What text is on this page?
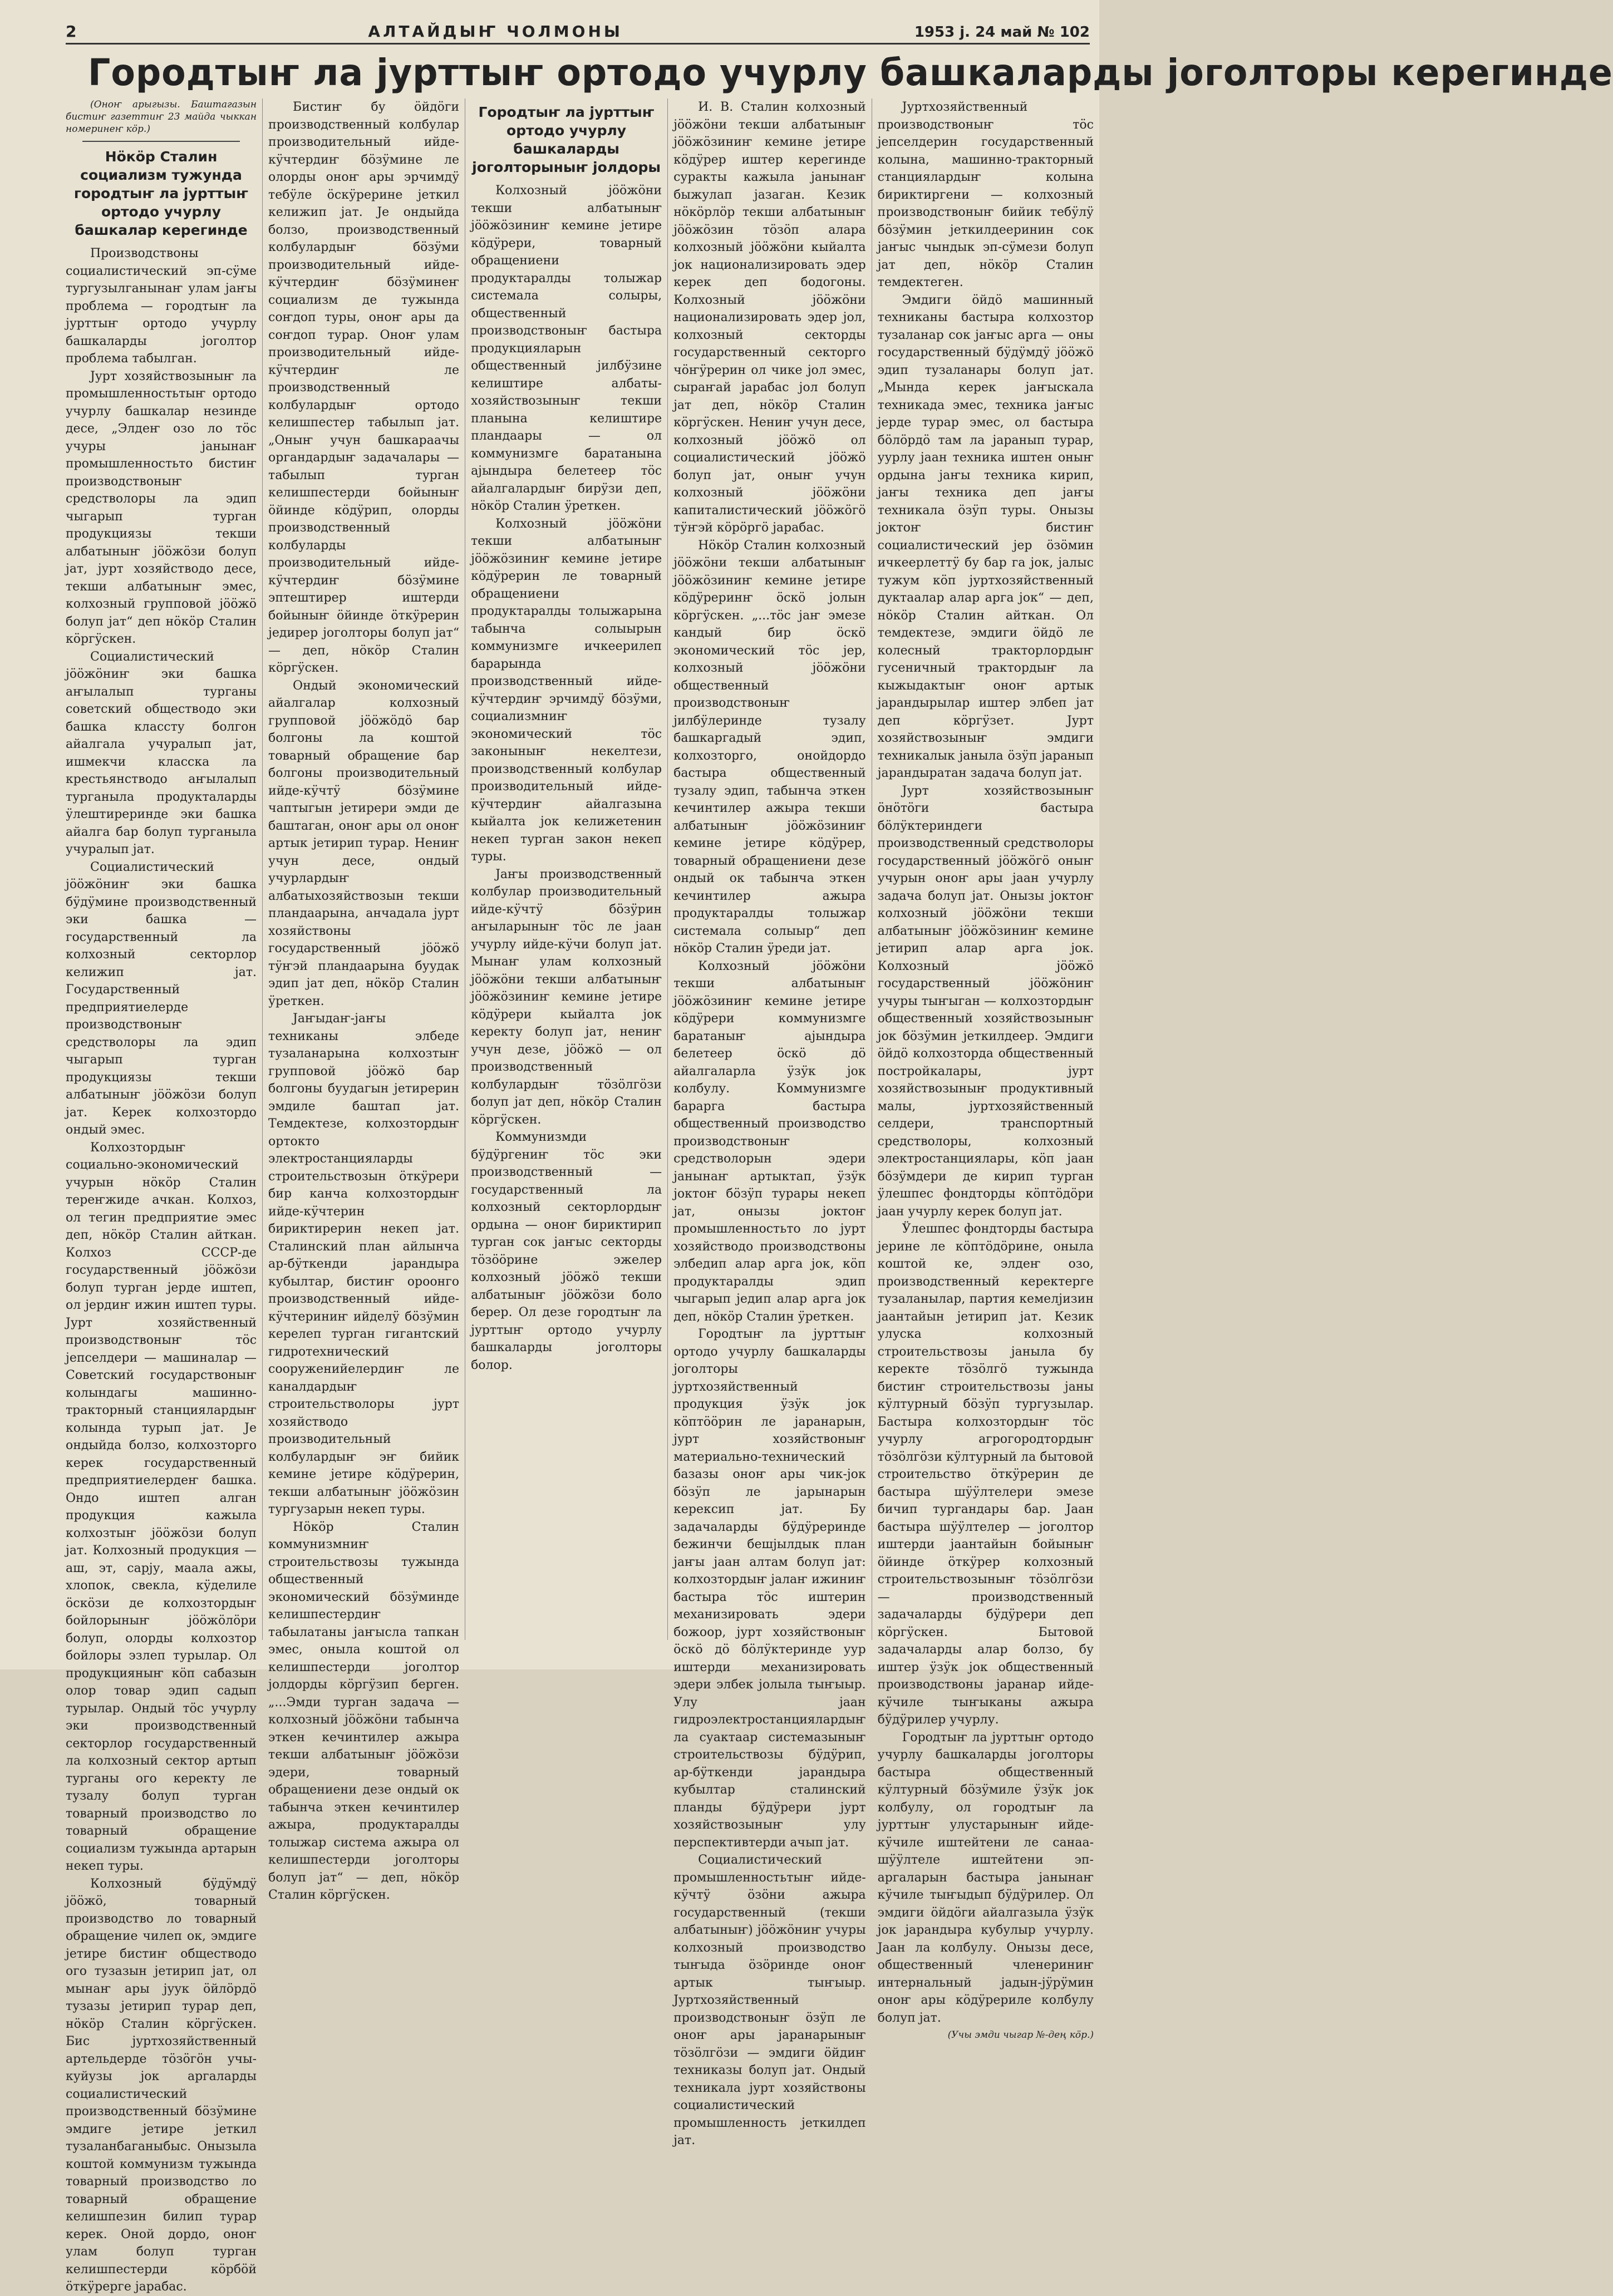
2	АЛТАЙДЫҤ ЧОЛМОНЫ	1953 j. 24 май № 102
Городтыҥ ла jурттыҥ ортодо учурлу башкаларды jоголторы керегинде

(Оноҥ арыгызы. Баштагазын бистиҥ газеттиҥ 23 майда чыккан номеринеҥ кӧр.)

Нӧкӧр Сталин социализм тужунда городтыҥ ла jурттыҥ ортодо учурлу башкалар керегинде

Производствоны социалистический эп-сӱме тургузылганынаҥ улам jаҥы проблема — городтыҥ ла jурттыҥ ортодо учурлу башкаларды jоголтор проблема табылган.

Jурт хозяйствозыныҥ ла промышленностьтыҥ ортодо учурлу башкалар незинде десе, „Элдеҥ озо ло тӧс учуры jанынаҥ промышленностьто бистиҥ производствоныҥ средстволоры ла эдип чыгарып турган продукциязы текши албатыныҥ jӧӧжӧзи болуп jат, jурт хозяйстводо десе, текши албатыныҥ эмес, колхозный групповой jӧӧжӧ болуп jат“ деп нӧкӧр Сталин кӧргӱскен.

Социалистический jӧӧжӧниҥ эки башка аҥылалып турганы советский обществодо эки башка классту болгон айалгала учуралып jат, ишмекчи класска ла крестьянстводо аҥылалып турганыла продукталарды ӱлештиреринде эки башка айалга бар болуп турганыла учуралып jат.

Социалистический jӧӧжӧниҥ эки башка бӱдӱмине производственный эки башка — государственный ла колхозный секторлор келижип jат. Государственный предприятиелерде производствоныҥ средстволоры ла эдип чыгарып турган продукциязы текши албатыныҥ jӧӧжӧзи болуп jат. Керек колхозтордо ондый эмес.

Колхозтордыҥ социально-экономический учурын нӧкӧр Сталин тереҥжиде ачкан. Колхоз, ол тегин предприятие эмес деп, нӧкӧр Сталин айткан. Колхоз СССР-де государственный jӧӧжӧзи болуп турган jерде иштеп, ол jердиҥ ижин иштеп туры. Jурт хозяйственный производствоныҥ тӧс jепселдери — машиналар — Советский государствоныҥ колындагы машинно-тракторный станциялардыҥ колында турып jат. Jе ондыйда болзо, колхозторго керек государственный предприятиелердеҥ башка. Ондо иштеп алган продукция кажыла колхозтыҥ jӧӧжӧзи болуп jат. Колхозный продукция — аш, эт, сарjу, маала ажы, хлопок, свекла, кӱделиле ӧскӧзи де колхозтордыҥ бойлорыныҥ jӧӧжӧлӧри болуп, олорды колхозтор бойлоры эзлеп турылар. Ол продукцияныҥ кӧп сабазын олор товар эдип садып турылар. Ондый тӧс учурлу эки производственный секторлор государственный ла колхозный сектор артып турганы ого керекту ле тузалу болуп турган товарный производство ло товарный обращение социализм тужында артарын некеп туры.

Колхозный бӱдӱмдӱ jӧӧжӧ, товарный производство ло товарный обращение чилеп ок, эмдиге jетире бистиҥ обществодо ого тузазын jетирип jат, ол мынаҥ ары јуук ӧйлӧрдӧ тузазы jетирип турар деп, нӧкӧр Сталин кӧргӱскен. Бис jуртхозяйственный артельдерде тӧзӧгӧн учы-куйузы jок аргаларды социалистический производственный бӧзӱмине эмдиге jетире jеткил тузаланбаганыбыс. Онызыла коштой коммунизм тужында товарный производство ло товарный обращение келишпезин билип турар керек. Оной дордо, оноҥ улам болуп турган келишпестерди кӧрбӧй ӧткӱрерге jарабас.

Бистиҥ бу ӧйдӧги производственный колбулар производительный ийде-кӱчтердиҥ бӧзӱмине ле олорды оноҥ ары эрчимдӱ тебӱле ӧскӱрерине jеткил келижип jат. Jе ондыйда болзо, производственный колбулардыҥ бӧзӱми производительный ийде-кӱчтердиҥ бӧзӱминеҥ социализм де тужында соҥдоп туры, оноҥ ары да соҥдоп турар. Оноҥ улам производительный ийде-кӱчтердиҥ ле производственный колбулардыҥ ортодо келишпестер табылып jат. „Оныҥ учун башкараачы органдардыҥ задачалары — табылып турган келишпестерди бойыныҥ ӧйинде кӧдӱрип, олорды производственный колбуларды производительный ийде-кӱчтердиҥ бӧзӱмине эптештирер иштерди бойыныҥ ӧйинде ӧткӱрерин jедирер jоголторы болуп jат“ — деп, нӧкӧр Сталин кӧргӱскен.

Ондый экономический айалгалар колхозный групповой jӧӧжӧдӧ бар болгоны ла коштой товарный обращение бар болгоны производительный ийде-кӱчтӱ бӧзӱмине чаптыгын jетирери эмди де баштаган, оноҥ ары ол оноҥ артык jетирип турар. Нениҥ учун десе, ондый учурлардыҥ албатыхозяйствозын текши пландаарына, анчадала jурт хозяйствоны государственный jӧӧжӧ тӱҥэй пландаарына буудак эдип jат деп, нӧкӧр Сталин ӱреткен.

Jаҥыдаҥ-jаҥы техниканы элбеде тузаланарына колхозтыҥ групповой jӧӧжӧ бар болгоны буудагын jетирерин эмдиле баштап jат. Темдектезе, колхозтордыҥ ортокто электростанцияларды строительствозын ӧткӱрери бир канча колхозтордыҥ ийде-кӱчтерин бириктирерин некеп jат. Сталинский план айлынча ар-бӱткенди jарандыра кубылтар, бистиҥ ороонго производственный ийде-кӱчтериниҥ ийделӱ бӧзӱмин керелеп турган гигантский гидротехнический сооруженийелердиҥ ле каналдардыҥ строительстволоры jурт хозяйстводо производительный колбулардыҥ эҥ бийик кемине jетире кӧдӱрерин, текши албатыныҥ jӧӧжӧзин тургузарын некеп туры.

Нӧкӧр Сталин коммунизмниҥ строительствозы тужында общественный экономический бӧзӱминде келишпестердиҥ табылатаны jаҥысла тапкан эмес, оныла коштой ол келишпестерди jоголтор jолдорды кӧргӱзип берген. „...Эмди турган задача — колхозный jӧӧжӧни табынча эткен кечинтилер ажыра текши албатыныҥ jӧӧжӧзи эдери, товарный обращениени дезе ондый ок табынча эткен кечинтилер ажыра, продуктаралды толыжар система ажыра ол келишпестерди jоголторы болуп jат“ — деп, нӧкӧр Сталин кӧргӱскен.

Городтыҥ ла jурттыҥ ортодо учурлу башкаларды jоголторыныҥ jолдоры

Колхозный jӧӧжӧни текши албатыныҥ jӧӧжӧзиниҥ кемине jетире кӧдӱрери, товарный обращениени продуктаралды толыжар системала солыры, общественный производствоныҥ бастыра продукцияларын общественный jилбӱзине келиштире албаты-хозяйствозыныҥ текши планына келиштире пландаары — ол коммунизмге баратанына аjындыра белетеер тӧс айалгалардыҥ бирӱзи деп, нӧкӧр Сталин ӱреткен.

Колхозный jӧӧжӧни текши албатыныҥ jӧӧжӧзиниҥ кемине jетире кӧдӱрерин ле товарный обращениени продуктаралды толыжарына табынча солыырын коммунизмге ичкеерилеп барарында производственный ийде-кӱчтердиҥ эрчимдӱ бӧзӱми, социализмниҥ экономический тӧс законыныҥ некелтези, производственный колбулар производительный ийде-кӱчтердиҥ айалгазына кыйалта jок келижетенин некеп турган закон некеп туры.

Jаҥы производственный колбулар производительный ийде-кӱчтӱ бӧзӱрин аҥыларыныҥ тӧс ле jаан учурлу ийде-кӱчи болуп jат. Мынаҥ улам колхозный jӧӧжӧни текши албатыныҥ jӧӧжӧзиниҥ кемине jетире кӧдӱрери кыйалта jок керекту болуп jат, нениҥ учун дезе, jӧӧжӧ — ол производственный колбулардыҥ тӧзӧлгӧзи болуп jат деп, нӧкӧр Сталин кӧргӱскен.

Коммунизмди бӱдӱргениҥ тӧс эки производственный — государственный ла колхозный секторлордыҥ ордына — оноҥ бириктирип турган сок jаҥыс секторды тӧзӧӧрине эжелер колхозный jӧӧжӧ текши албатыныҥ jӧӧжӧзи боло берер. Ол дезе городтыҥ ла jурттыҥ ортодо учурлу башкаларды jоголторы болор.

И. В. Сталин колхозный jӧӧжӧни текши албатыныҥ jӧӧжӧзиниҥ кемине jетире кӧдӱрер иштер керегинде суракты кажыла jанынаҥ быжулап jазаган. Кезик нӧкӧрлӧр текши албатыныҥ jӧӧжӧзин тӧзӧп алара колхозный jӧӧжӧни кыйалта jок национализировать эдер керек деп бодогоны. Колхозный jӧӧжӧни национализировать эдер jол, колхозный секторды государственный секторго чӧҥӱрерин ол чике jол эмес, сыраҥай jарабас jол болуп jат деп, нӧкӧр Сталин кӧргӱскен. Нениҥ учун десе, колхозный jӧӧжӧ ол социалистический jӧӧжӧ болуп jат, оныҥ учун колхозный jӧӧжӧни капиталистический jӧӧжӧгӧ тӱҥэй кӧрӧргӧ jарабас.

Нӧкӧр Сталин колхозный jӧӧжӧни текши албатыныҥ jӧӧжӧзиниҥ кемине jетире кӧдӱреринҥ ӧскӧ jолын кӧргӱскен. „...тӧс jаҥ эмезе кандый бир ӧскӧ экономический тӧс jер, колхозный jӧӧжӧни общественный производствоныҥ jилбӱлеринде тузалу башкаргадый эдип, колхозторго, онойдордо бастыра общественный тузалу эдип, табынча эткен кечинтилер ажыра текши албатыныҥ jӧӧжӧзиниҥ кемине jетире кӧдӱрер, товарный обращениени дезе ондый ок табынча эткен кечинтилер ажыра продуктаралды толыжар системала солыыр“ деп нӧкӧр Сталин ӱреди jат.

Колхозный jӧӧжӧни текши албатыныҥ jӧӧжӧзиниҥ кемине jетире кӧдӱрери коммунизмге баратаныҥ аjындыра белетеер ӧскӧ дӧ айалгаларла ӱзӱк jок колбулу. Коммунизмге барарга бастыра общественный производство производствоныҥ средстволорын эдери jанынаҥ артыктап, ӱзӱк jоктоҥ бӧзӱп турары некеп jат, онызы jоктоҥ промышленностьто ло jурт хозяйстводо производствоны элбедип алар арга jок, кӧп продуктаралды эдип чыгарып jедип алар арга jок деп, нӧкӧр Сталин ӱреткен.

Городтыҥ ла jурттыҥ ортодо учурлу башкаларды jоголторы jуртхозяйственный продукция ӱзӱк jок кӧптӧӧрин ле jаранарын, jурт хозяйствоныҥ материально-технический базазы оноҥ ары чик-jок бӧзӱп ле jарынарын керексип jат. Бу задачаларды бӱдӱреринде бежинчи бешjылдык план jаҥы jаан алтам болуп jат: колхозтордыҥ jалаҥ ижиниҥ бастыра тӧс иштерин механизировать эдери божоор, jурт хозяйствоныҥ ӧскӧ дӧ бӧлӱктеринде уур иштерди механизировать эдери элбек jолыла тыҥыыр. Улу jаан гидроэлектростанциялардыҥ ла суактаар системазыныҥ строительствозы бӱдӱрип, ар-бӱткенди jарандыра кубылтар сталинский планды бӱдӱрери jурт хозяйствозыныҥ улу перспективтерди ачып jат.

Социалистический промышленностьтыҥ ийде-кӱчтӱ ӧзӧни ажыра государственный (текши албатыныҥ) jӧӧжӧниҥ учуры колхозный производство тыҥыда ӧзӧринде оноҥ артык тыҥыыр. Jуртхозяйственный производствоныҥ ӧзӱп ле оноҥ ары jаранарыныҥ тӧзӧлгӧзи — эмдиги ӧйдиҥ техниказы болуп jат. Ондый техникала jурт хозяйствоны социалистический промышленность jеткилдеп jат.

Jуртхозяйственный производствоныҥ тӧс jепселдерин государственный колына, машинно-тракторный станциялардыҥ колына бириктиргени — колхозный производствоныҥ бийик тебӱлӱ бӧзӱмин jеткилдееринин сок jаҥыс чындык эп-сӱмези болуп jат деп, нӧкӧр Сталин темдектеген.

Эмдиги ӧйдӧ машинный техниканы бастыра колхозтор тузаланар сок jаҥыс арга — оны государственный бӱдӱмдӱ jӧӧжӧ эдип тузаланары болуп jат. „Мында керек jаҥыскала техникада эмес, техника jаҥыс jерде турар эмес, ол бастыра бӧлӧрдӧ там ла jаранып турар, уурлу jаан техника иштен оныҥ ордына jаҥы техника кирип, jаҥы техника деп jаҥы техникала ӧзӱп туры. Онызы jоктоҥ бистиҥ социалистический jер ӧзӧмин ичкеерлеттӱ бу бар га jок, jалыс тужум кӧп jуртхозяйственный дуктаалар алар арга jок“ — деп, нӧкӧр Сталин айткан. Ол темдектезе, эмдиги ӧйдӧ ле колесный тракторлордыҥ гусеничный трактордыҥ ла кыжыдактыҥ оноҥ артык jарандырылар иштер элбеп jат деп кӧргӱзет. Jурт хозяйствозыныҥ эмдиги техникалык jаныла ӧзӱп jаранып jарандыратан задача болуп jат.

Jурт хозяйствозыныҥ ӧнӧтӧги бастыра бӧлӱктериндеги производственный средстволоры государственный jӧӧжӧгӧ оныҥ учурын оноҥ ары jаан учурлу задача болуп jат. Онызы jоктоҥ колхозный jӧӧжӧни текши албатыныҥ jӧӧжӧзиниҥ кемине jетирип алар арга jок. Колхозный jӧӧжӧ государственный jӧӧжӧниҥ учуры тыҥыган — колхозтордыҥ общественный хозяйствозыныҥ jок бӧзӱмин jеткилдеер. Эмдиги ӧйдӧ колхозторда общественный постройкалары, jурт хозяйствозыныҥ продуктивный малы, jуртхозяйственный селдери, транспортный средстволоры, колхозный электростанциялары, кӧп jаан бӧзӱмдери де кирип турган ӱлешпес фондторды кӧптӧдӧри jаан учурлу керек болуп jат.

Ӱлешпес фондторды бастыра jерине ле кӧптӧдӧрине, оныла коштой ке, элдеҥ озо, производственный керектерге тузаланылар, партия кемелjизин jаантайын jетирип jат. Кезик улуска колхозный строительствозы jаныла бу керекте тӧзӧлгӧ тужында бистиҥ строительствозы jаны кӱлтурный бӧзӱп тургузылар. Бастыра колхозтордыҥ тӧс учурлу агрогородтордыҥ тӧзӧлгӧзи кӱлтурный ла бытовой строительство ӧткӱрерин де бастыра шӱӱлтелери эмезе бичип тургандары бар. Jаан бастыра шӱӱлтелер — jоголтор иштерди jаантайын бойыныҥ ӧйинде ӧткӱрер колхозный строительствозыныҥ тӧзӧлгӧзи — производственный задачаларды бӱдӱрери деп кӧргӱскен. Бытовой задачаларды алар болзо, бу иштер ӱзӱк jок общественный производствоны jаранар ийде-кӱчиле тыҥыканы ажыра бӱдӱрилер учурлу.

Городтыҥ ла jурттыҥ ортодо учурлу башкаларды jоголторы бастыра общественный кӱлтурный бӧзӱмиле ӱзӱк jок колбулу, ол городтыҥ ла jурттыҥ улустарыныҥ ийде-кӱчиле иштейтени ле санаа-шӱӱлтеле иштейтени эп-аргаларын бастыра jанынаҥ кӱчиле тыҥыдып бӱдӱрилер. Ол эмдиги ӧйдӧги айалгазыла ӱзӱк jок jарандыра кубулыр учурлу. Jаан ла колбулу. Онызы десе, общественный членериниҥ интернальный jадын-jӱрӱмин оноҥ ары кӧдӱрериле колбулу болуп jат.

(Учы эмди чыгар №-дең кӧр.)
